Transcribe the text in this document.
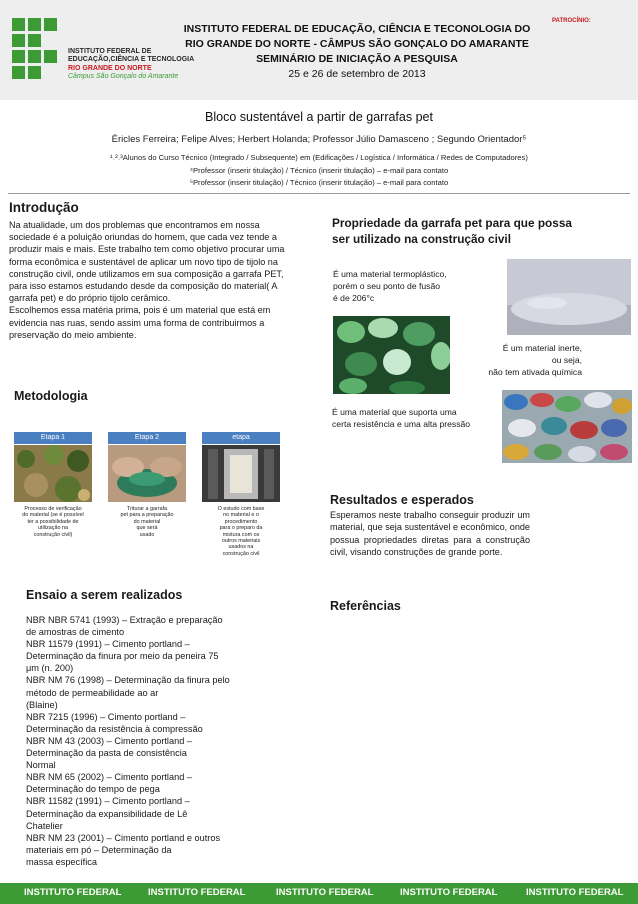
INSTITUTO FEDERAL DE
EDUCAÇÃO,CIÊNCIA E TECNOLOGIA
RIO GRANDE DO NORTE
Câmpus São Gonçalo do Amarante
INSTITUTO FEDERAL DE EDUCAÇÃO, CIÊNCIA E TECONOLOGIA DO
RIO GRANDE DO NORTE - CÂMPUS SÃO GONÇALO DO AMARANTE
SEMINÁRIO DE INICIAÇÃO A PESQUISA
25 e 26 de setembro de 2013
PATROCÍNIO:
Bloco sustentável a partir de garrafas pet
Éricles Ferreira; Felipe Alves; Herbert Holanda; Professor Júlio Damasceno ; Segundo Orientador⁵
¹˒²˒³Alunos do Curso Técnico (Integrado / Subsequente) em (Edificações / Logística / Informática / Redes de Computadores)
⁴Professor (inserir titulação) / Técnico (inserir titulação) – e-mail para contato
⁵Professor (inserir titulação) / Técnico (inserir titulação) – e-mail para contato
Introdução
Na atualidade, um dos problemas que encontramos em nossa sociedade é a poluição oriundas do homem, que cada vez tende a produzir mais e mais. Este trabalho tem como objetivo procurar uma forma econômica e sustentável de aplicar um novo tipo de tijolo na construção civil, onde utilizamos em sua composição a garrafa PET, para isso estamos estudando desde da composição do material( A garrafa pet) e do próprio tijolo cerâmico.
Escolhemos essa matéria prima, pois é um material que está em evidencia nas ruas, sendo assim uma forma de contribuirmos a preservação do meio ambiente.
Metodologia
Etapa 1	Etapa 2	etapa
Processo de verificação
do material (se é possível
ter a possibilidade de
utilização na
construção civil)
Triturar a garrafa
pet para a preparação
do material
que será
usado
O estudo com base
no material e o
procedimento
para o preparo da
mistura com os
outros materiais
usados na
construção civil
Ensaio a serem realizados
NBR NBR 5741 (1993) – Extração e preparação
de amostras de cimento
NBR 11579 (1991) – Cimento portland –
Determinação da finura por meio da peneira 75
μm (n. 200)
NBR NM 76 (1998) – Determinação da finura pelo
método de permeabilidade ao ar
(Blaine)
NBR 7215 (1996) – Cimento portland –
Determinação da resistência à compressão
NBR NM 43 (2003) – Cimento portland –
Determinação da pasta de consistência
Normal
NBR NM 65 (2002) – Cimento portland –
Determinação do tempo de pega
NBR 11582 (1991) – Cimento portland –
Determinação da expansibilidade de Lê
Chatelier
NBR NM 23 (2001) – Cimento portland e outros
materiais em pó – Determinação da
massa específica
Propriedade da garrafa pet para que possa ser utilizado na construção civil
É uma material termoplástico,
porém o seu ponto de fusão
é de 206°c
É um material inerte,
ou seja,
não tem ativada química
É uma material que suporta uma
certa resistência e uma alta pressão
Resultados e esperados
Esperamos neste trabalho conseguir produzir um material, que seja sustentável e econômico, onde possua propriedades diretas para a construção civil, visando construções de grande porte.
Referências
INSTITUTO FEDERAL	INSTITUTO FEDERAL	INSTITUTO FEDERAL	INSTITUTO FEDERAL	INSTITUTO FEDERAL
